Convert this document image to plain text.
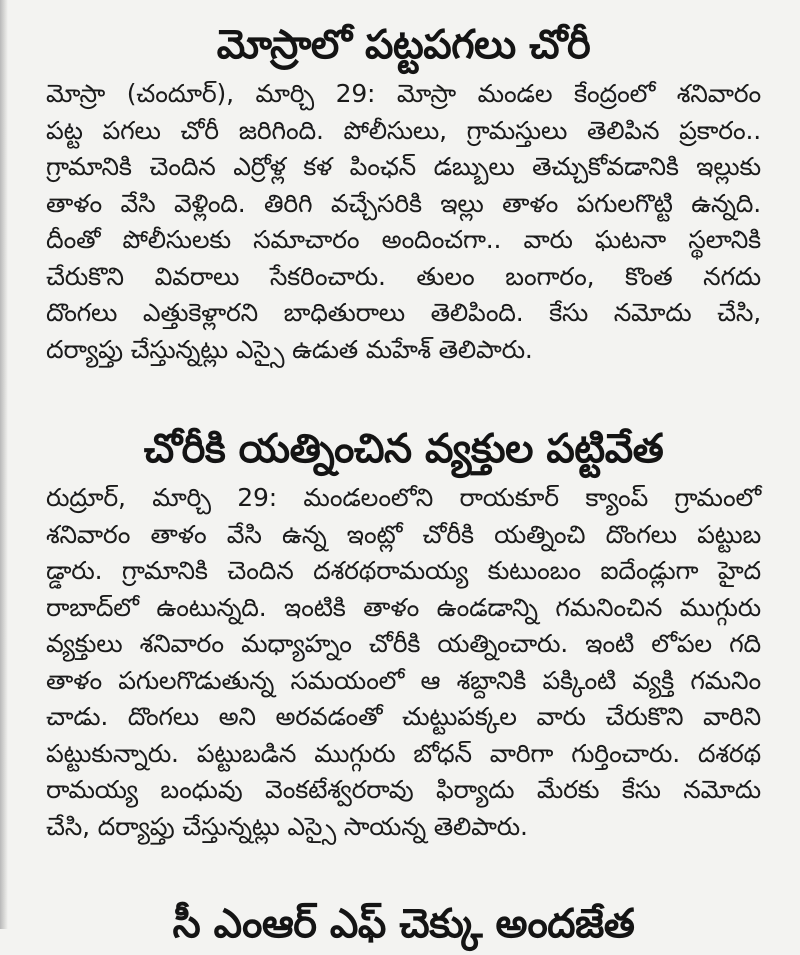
మోస్రాలో పట్టపగలు చోరీ
మోస్రా (చందూర్), మార్చి 29: మోస్రా మండల కేంద్రంలో శనివారం
పట్ట పగలు చోరీ జరిగింది. పోలీసులు, గ్రామస్తులు తెలిపిన ప్రకారం..
గ్రామానికి చెందిన ఎర్రోళ్ల కళ పింఛన్ డబ్బులు తెచ్చుకోవడానికి ఇల్లుకు
తాళం వేసి వెళ్లింది. తిరిగి వచ్చేసరికి ఇల్లు తాళం పగులగొట్టి ఉన్నది.
దీంతో పోలీసులకు సమాచారం అందించగా.. వారు ఘటనా స్థలానికి
చేరుకొని వివరాలు సేకరించారు. తులం బంగారం, కొంత నగదు
దొంగలు ఎత్తుకెళ్లారని బాధితురాలు తెలిపింది. కేసు నమోదు చేసి,
దర్యాప్తు చేస్తున్నట్లు ఎస్సై ఉడుత మహేశ్ తెలిపారు.
చోరీకి యత్నించిన వ్యక్తుల పట్టివేత
రుద్రూర్, మార్చి 29: మండలంలోని రాయకూర్ క్యాంప్ గ్రామంలో
శనివారం తాళం వేసి ఉన్న ఇంట్లో చోరీకి యత్నించి దొంగలు పట్టుబ
డ్డారు. గ్రామానికి చెందిన దశరథరామయ్య కుటుంబం ఐదేండ్లుగా హైద
రాబాద్‌లో ఉంటున్నది. ఇంటికి తాళం ఉండడాన్ని గమనించిన ముగ్గురు
వ్యక్తులు శనివారం మధ్యాహ్నం చోరీకి యత్నించారు. ఇంటి లోపల గది
తాళం పగులగొడుతున్న సమయంలో ఆ శబ్దానికి పక్కింటి వ్యక్తి గమనిం
చాడు. దొంగలు అని అరవడంతో చుట్టుపక్కల వారు చేరుకొని వారిని
పట్టుకున్నారు. పట్టుబడిన ముగ్గురు బోధన్ వారిగా గుర్తించారు. దశరథ
రామయ్య బంధువు వెంకటేశ్వరరావు ఫిర్యాదు మేరకు కేసు నమోదు
చేసి, దర్యాప్తు చేస్తున్నట్లు ఎస్సై సాయన్న తెలిపారు.
సీ ఎంఆర్ ఎఫ్ చెక్కు అందజేత
